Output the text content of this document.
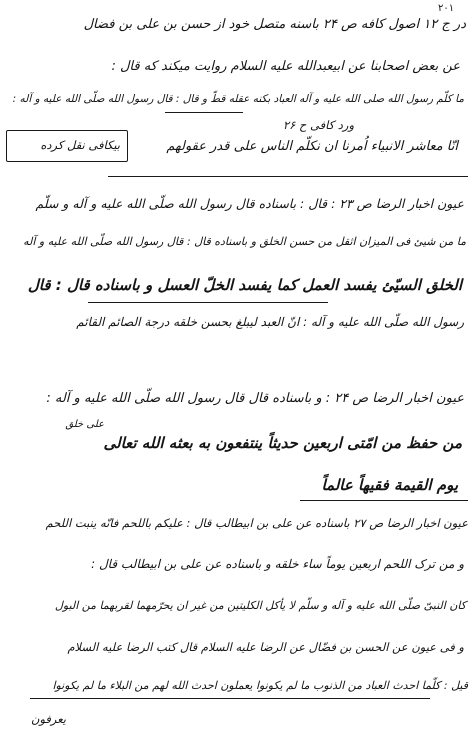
۲۰۱
در ج ۱۲ اصول کافه ص ۲۴ باسنه متصل خود از حسن بن علی بن فضال
عن بعض اصحابنا عن ابیعبدالله علیه السلام روایت میکند که قال :
ما کلّم رسول الله صلی الله علیه و آله العباد بکنه عقله قطّ و قال : قال رسول الله صلّی الله علیه و آله :
ورد کافی ح ۲۶
انّا معاشر الانبیاء اُمرنا ان نکلّم الناس علی قدر عقولهم
بیکافی نقل کرده
عیون اخبار الرضا ص ۲۳ : قال : باسناده قال رسول الله صلّی الله علیه و آله و سلّم
ما من شیئ فی المیزان اثقل من حسن الخلق و باسناده قال : قال رسول الله صلّی الله علیه و آله
الخلق السیّئ یفسد العمل کما یفسد الخلّ العسل و باسناده قال : قال
رسول الله صلّی الله علیه و آله : انّ العبد لیبلغ بحسن خلقه درجة الصائم القائم
عیون اخبار الرضا ص ۲۴ : و باسناده قال قال رسول الله صلّی الله علیه و آله :
علی خلق
من حفظ من امّتی اربعین حدیثاً ینتفعون به بعثه الله تعالی
یوم القیمة فقیهاً عالماً
عیون اخبار الرضا ص ۲۷ باسناده عن علی بن ابیطالب قال : علیکم باللحم فانّه ینبت اللحم
و من ترک اللحم اربعین یوماً ساء خلقه و باسناده عن علی بن ابیطالب قال :
کان النبیّ صلّی الله علیه و آله و سلّم لا یأکل الکلیتین من غیر ان یحرّمهما لقربهما من البول
و فی عیون عن الحسن بن فضّال عن الرضا علیه السلام قال کتب الرضا علیه السلام
قیل : کلّما احدث العباد من الذنوب ما لم یکونوا یعملون احدث الله لهم من البلاء ما لم یکونوا
یعرفون
